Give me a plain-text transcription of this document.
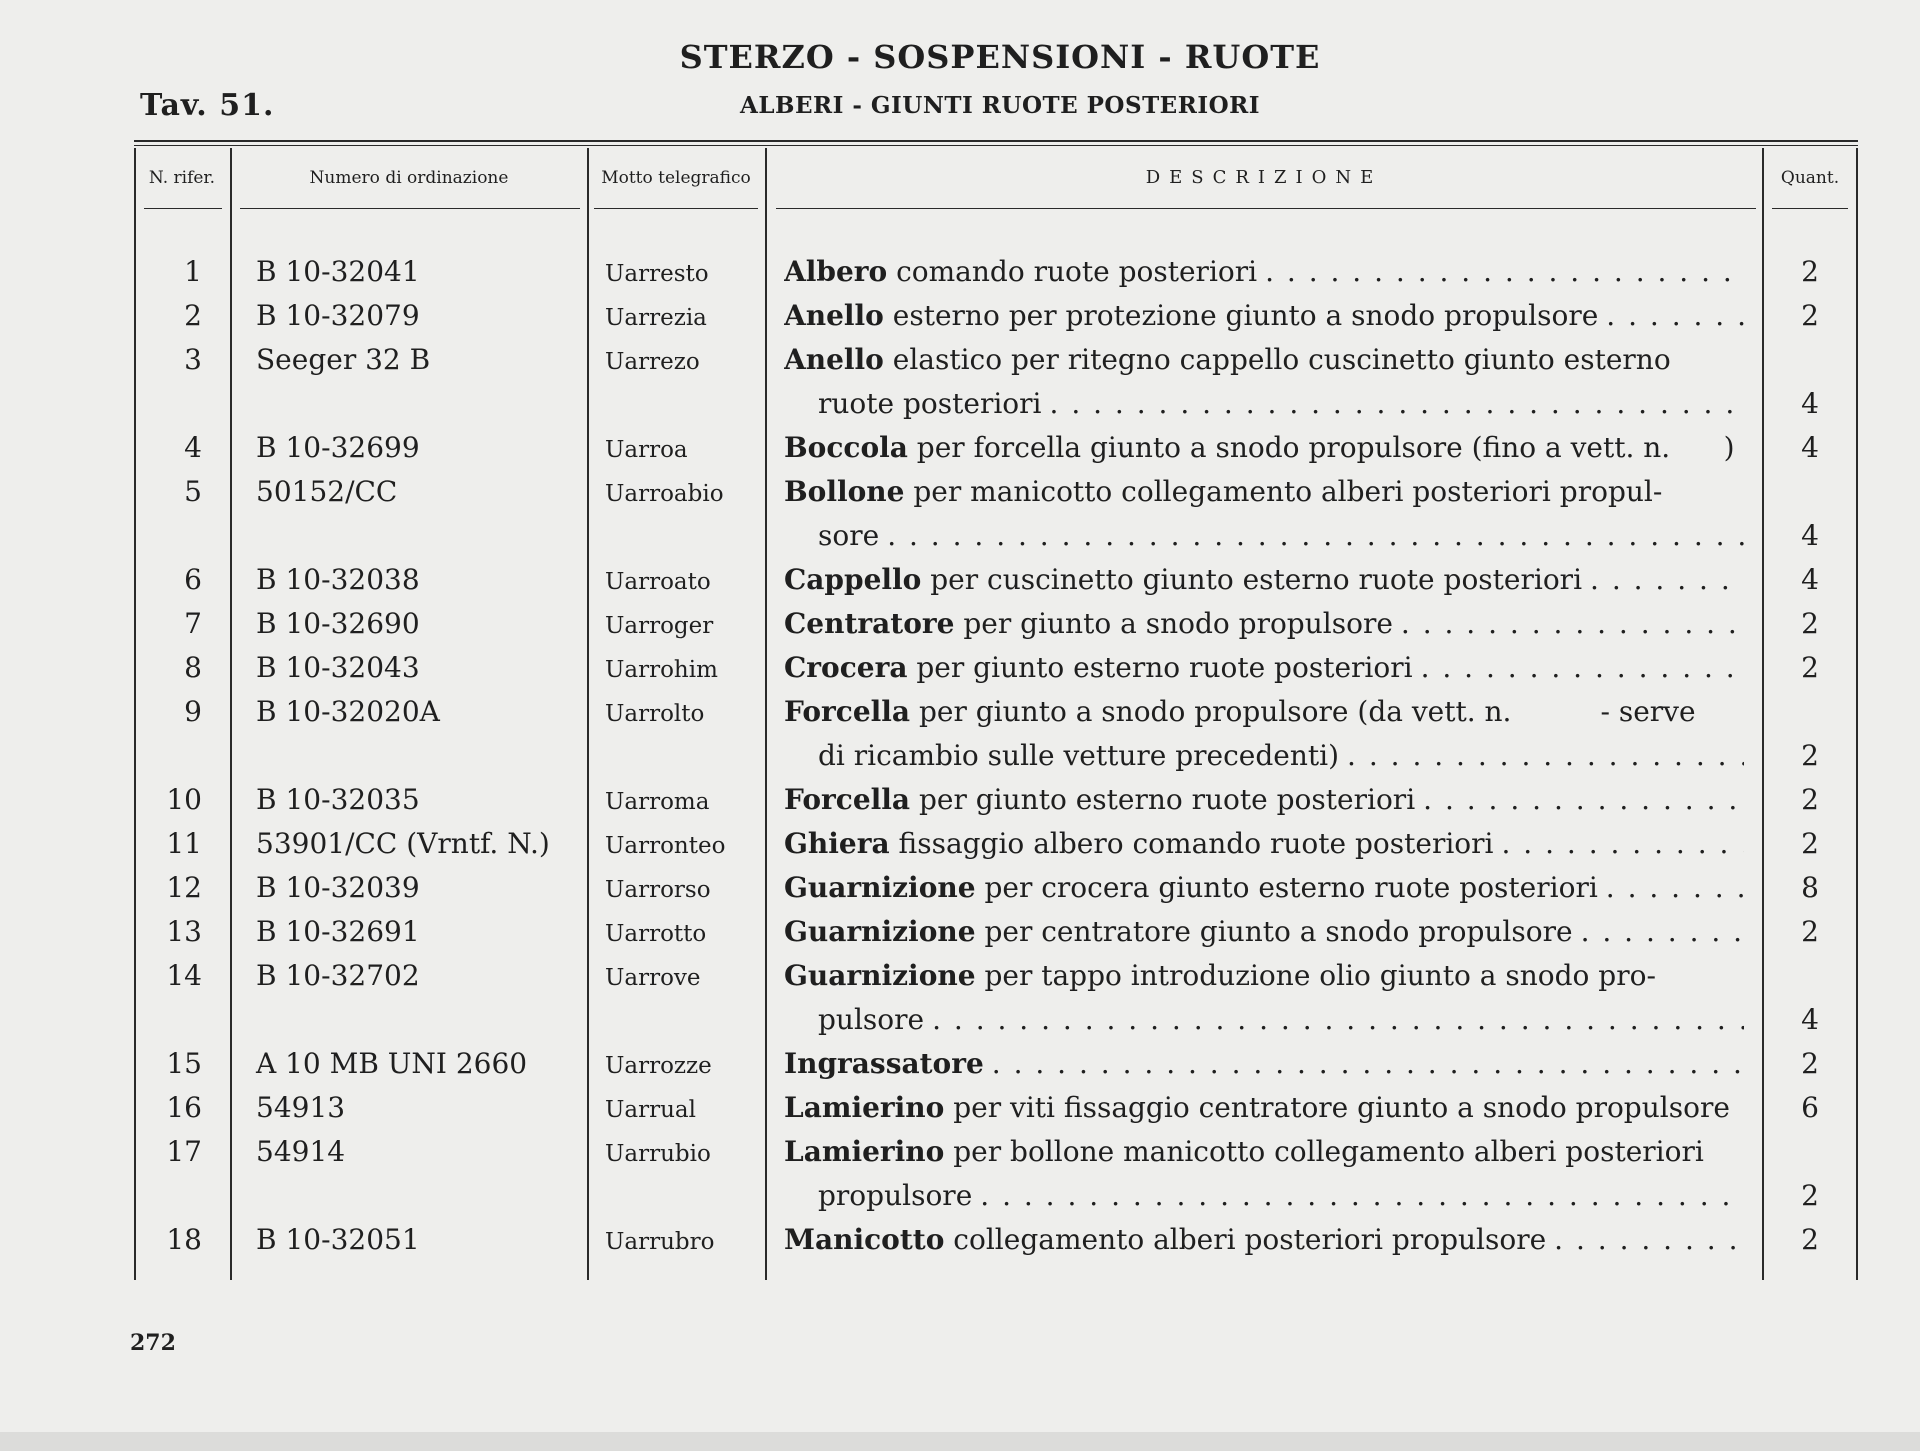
Tav. 51.
STERZO - SOSPENSIONI - RUOTE
ALBERI - GIUNTI RUOTE POSTERIORI
N. rifer.	Numero di ordinazione	Motto telegrafico	DESCRIZIONE	Quant.
1 B 10-32041	Uarresto	Albero comando ruote posteriori . . .	2
2 B 10-32079	Uarrezia	Anello esterno per protezione giunto a snodo propulsore . . .	2
3 Seeger 32 B	Uarrezo	Anello elastico per ritegno cappello cuscinetto giunto esterno
ruote posteriori . . .	4
4 B 10-32699	Uarroa	Boccola per forcella giunto a snodo propulsore (fino a vett. n.      )	4
5 50152/CC	Uarroabio	Bollone per manicotto collegamento alberi posteriori propul-
sore . . .	4
6 B 10-32038	Uarroato	Cappello per cuscinetto giunto esterno ruote posteriori . . .	4
7 B 10-32690	Uarroger	Centratore per giunto a snodo propulsore . . .	2
8 B 10-32043	Uarrohim	Crocera per giunto esterno ruote posteriori . . .	2
9 B 10-32020A	Uarrolto	Forcella per giunto a snodo propulsore (da vett. n.          - serve
di ricambio sulle vetture precedenti) . . .	2
10 B 10-32035	Uarroma	Forcella per giunto esterno ruote posteriori . . .	2
11 53901/CC (Vrntf. N.)	Uarronteo	Ghiera fissaggio albero comando ruote posteriori . . .	2
12 B 10-32039	Uarrorso	Guarnizione per crocera giunto esterno ruote posteriori . . .	8
13 B 10-32691	Uarrotto	Guarnizione per centratore giunto a snodo propulsore . . .	2
14 B 10-32702	Uarrove	Guarnizione per tappo introduzione olio giunto a snodo pro-
pulsore . . .	4
15 A 10 MB UNI 2660	Uarrozze	Ingrassatore . . .	2
16 54913	Uarrual	Lamierino per viti fissaggio centratore giunto a snodo propulsore	6
17 54914	Uarrubio	Lamierino per bollone manicotto collegamento alberi posteriori
propulsore . . .	2
18 B 10-32051	Uarrubro	Manicotto collegamento alberi posteriori propulsore . . .	2
272
